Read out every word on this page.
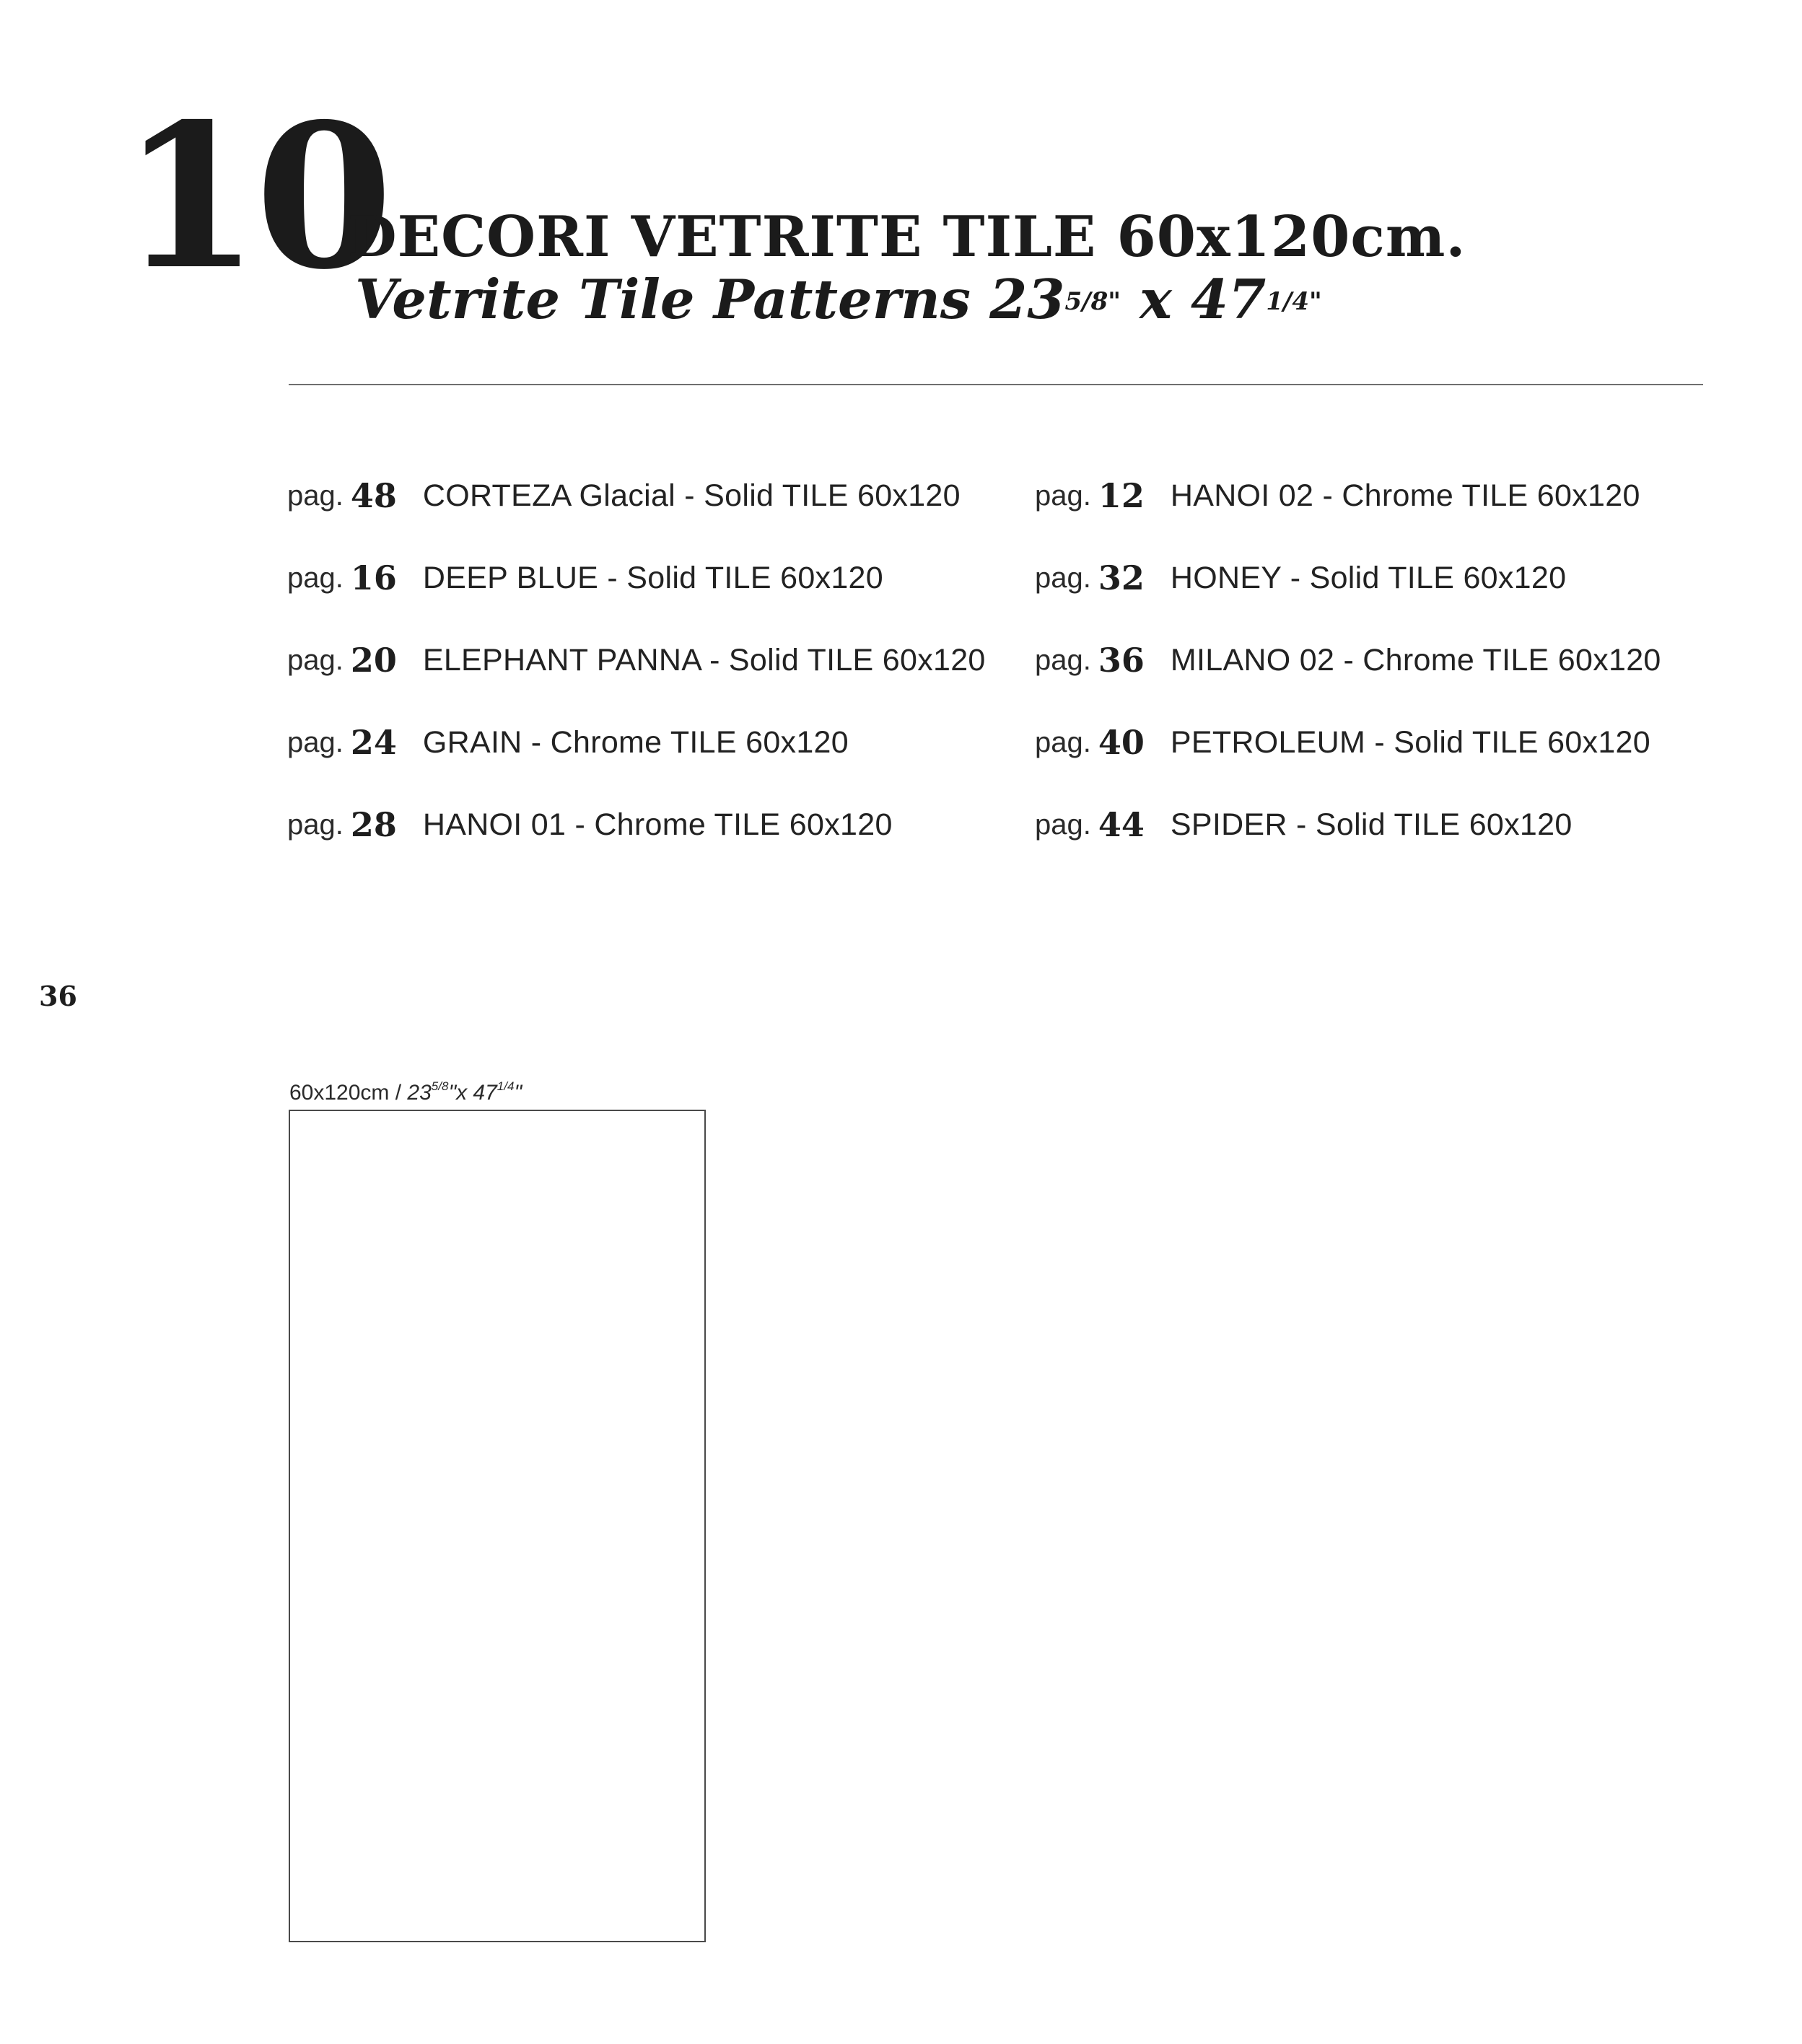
10
DECORI VETRITE TILE 60x120cm.
Vetrite Tile Patterns $23^{5/8"}$ x $47^{1/4"}$
pag. 48 CORTEZA Glacial - Solid TILE 60x120
pag. 16 DEEP BLUE - Solid TILE 60x120
pag. 20 ELEPHANT PANNA - Solid TILE 60x120
pag. 24 GRAIN - Chrome TILE 60x120
pag. 28 HANOI 01 - Chrome TILE 60x120
pag. 12 HANOI 02 - Chrome TILE 60x120
pag. 32 HONEY - Solid TILE 60x120
pag. 36 MILANO 02 - Chrome TILE 60x120
pag. 40 PETROLEUM - Solid TILE 60x120
pag. 44 SPIDER - Solid TILE 60x120
36
$60x120cm / 23^{5/8}"x$ $47^{1/4}$"
